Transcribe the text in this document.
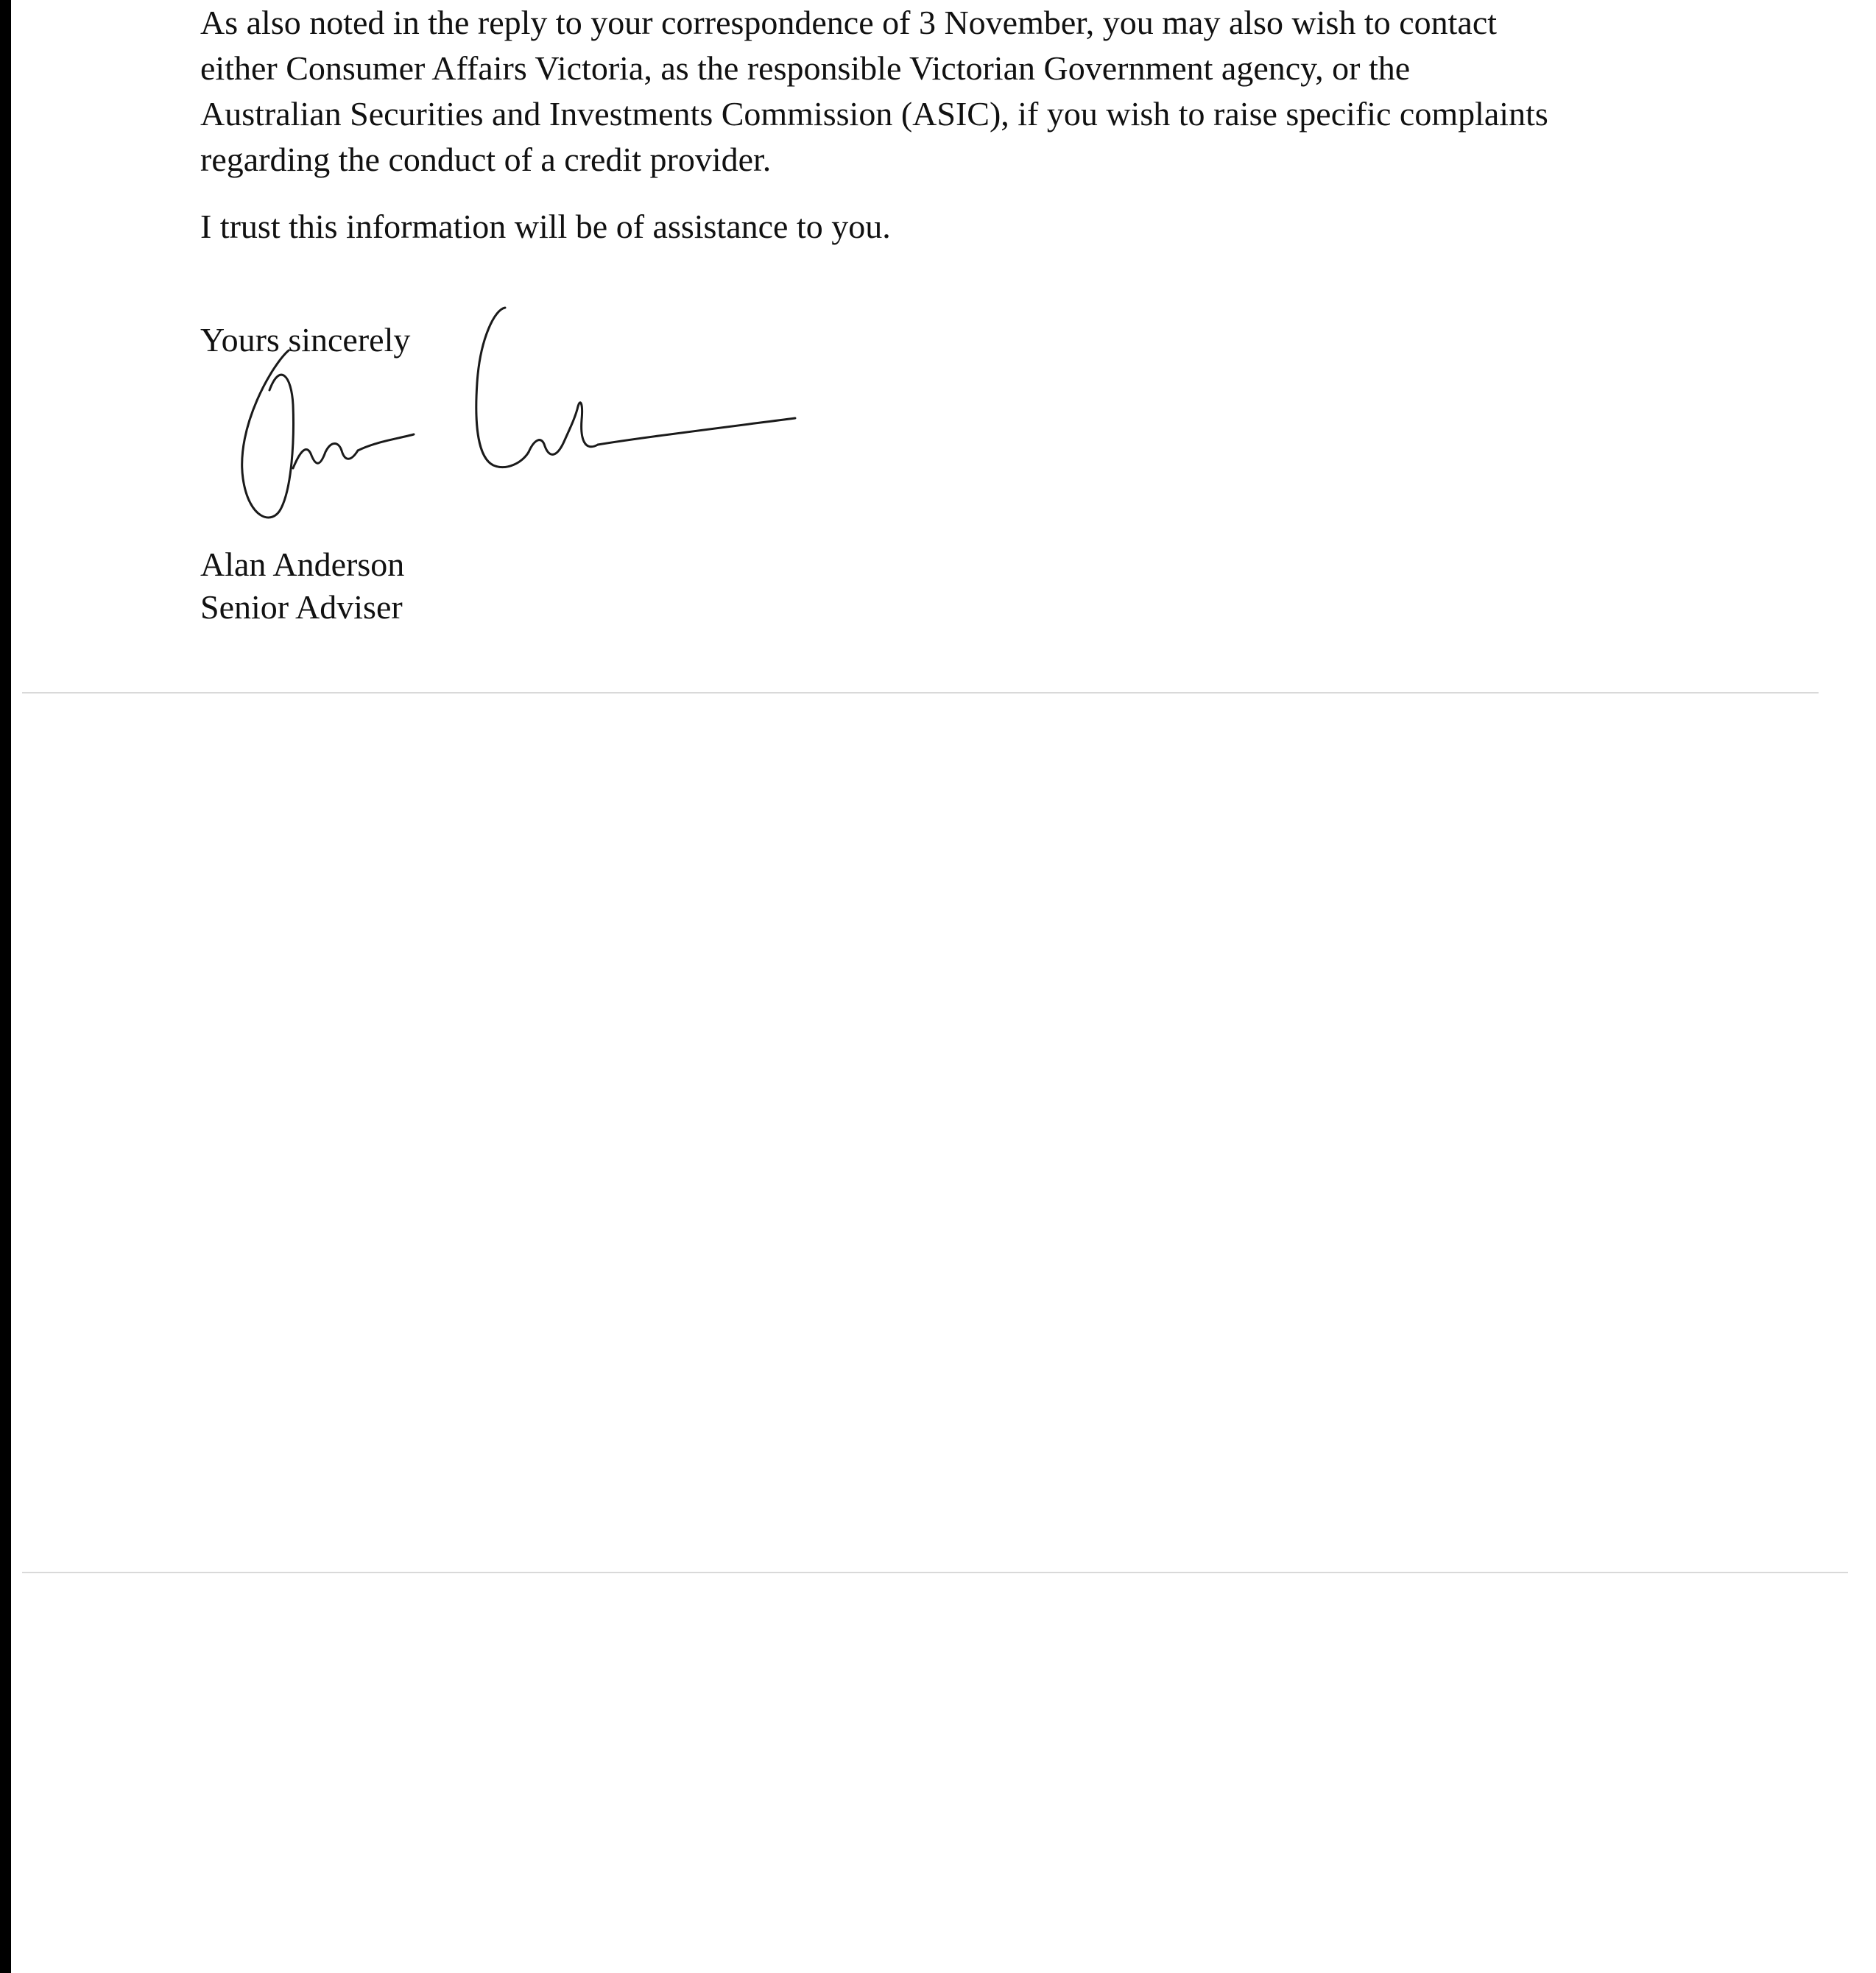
As also noted in the reply to your correspondence of 3 November, you may also wish to contact
either Consumer Affairs Victoria, as the responsible Victorian Government agency, or the
Australian Securities and Investments Commission (ASIC), if you wish to raise specific complaints
regarding the conduct of a credit provider.
I trust this information will be of assistance to you.
Yours sincerely
Alan Anderson
Senior Adviser
